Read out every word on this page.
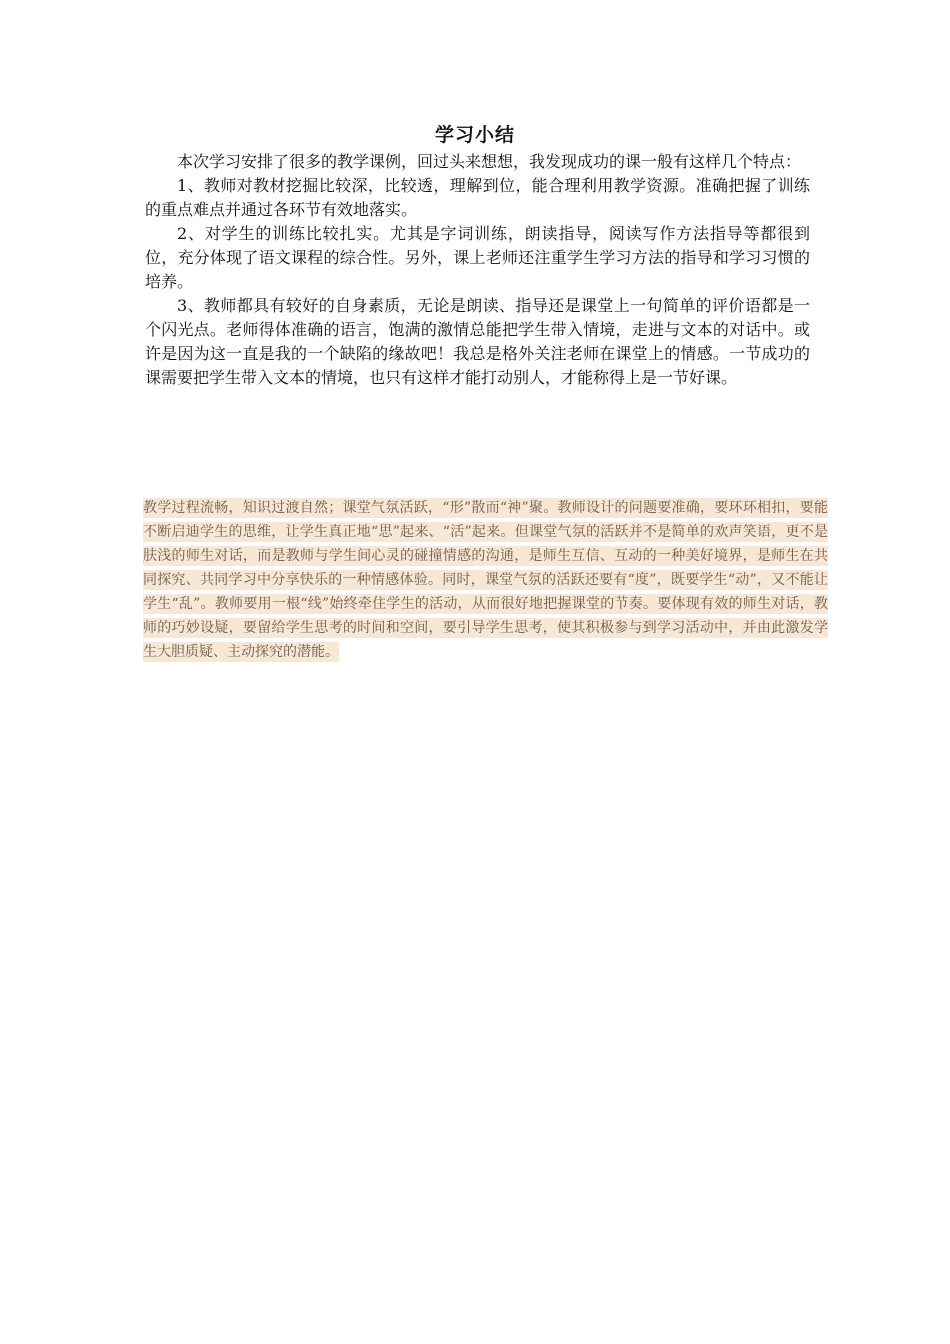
学习小结

本次学习安排了很多的教学课例，回过头来想想，我发现成功的课一般有这样几个特点：

1、教师对教材挖掘比较深，比较透，理解到位，能合理利用教学资源。准确把握了训练的重点难点并通过各环节有效地落实。

2、对学生的训练比较扎实。尤其是字词训练，朗读指导，阅读写作方法指导等都很到位，充分体现了语文课程的综合性。另外，课上老师还注重学生学习方法的指导和学习习惯的培养。

3、教师都具有较好的自身素质，无论是朗读、指导还是课堂上一句简单的评价语都是一个闪光点。老师得体准确的语言，饱满的激情总能把学生带入情境，走进与文本的对话中。或许是因为这一直是我的一个缺陷的缘故吧！我总是格外关注老师在课堂上的情感。一节成功的课需要把学生带入文本的情境，也只有这样才能打动别人，才能称得上是一节好课。

教学过程流畅，知识过渡自然；课堂气氛活跃，“形”散而“神”聚。教师设计的问题要准确，要环环相扣，要能不断启迪学生的思维，让学生真正地“思”起来、“活”起来。但课堂气氛的活跃并不是简单的欢声笑语，更不是肤浅的师生对话，而是教师与学生间心灵的碰撞情感的沟通，是师生互信、互动的一种美好境界，是师生在共同探究、共同学习中分享快乐的一种情感体验。同时，课堂气氛的活跃还要有“度”，既要学生“动”，又不能让学生“乱”。教师要用一根“线”始终牵住学生的活动，从而很好地把握课堂的节奏。要体现有效的师生对话，教师的巧妙设疑，要留给学生思考的时间和空间，要引导学生思考，使其积极参与到学习活动中，并由此激发学生大胆质疑、主动探究的潜能。
